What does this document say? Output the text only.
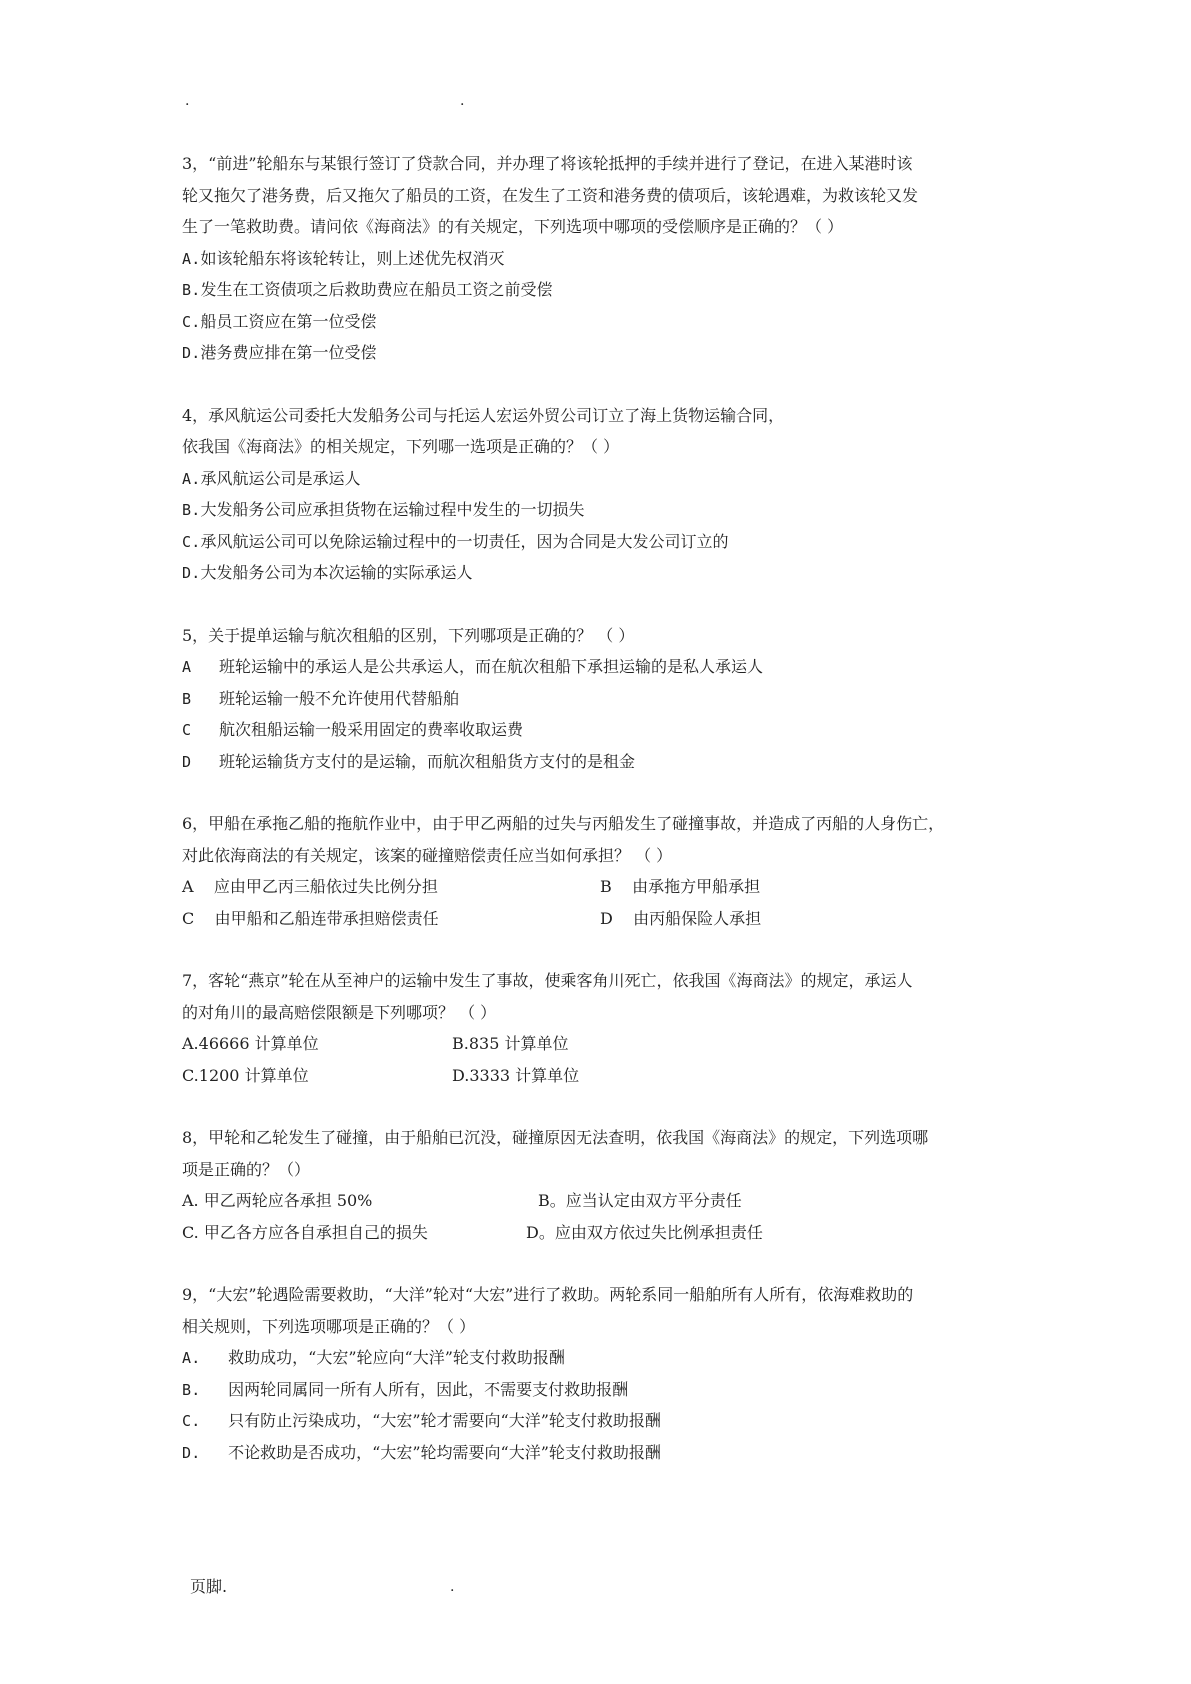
.	.
3，“前进”轮船东与某银行签订了贷款合同，并办理了将该轮抵押的手续并进行了登记，在进入某港时该
轮又拖欠了港务费，后又拖欠了船员的工资，在发生了工资和港务费的债项后，该轮遇难，为救该轮又发
生了一笔救助费。请问依《海商法》的有关规定，下列选项中哪项的受偿顺序是正确的？（ ）
A.如该轮船东将该轮转让，则上述优先权消灭
B.发生在工资债项之后救助费应在船员工资之前受偿
C.船员工资应在第一位受偿
D.港务费应排在第一位受偿
4，承风航运公司委托大发船务公司与托运人宏运外贸公司订立了海上货物运输合同，
依我国《海商法》的相关规定，下列哪一选项是正确的？（ ）
A.承风航运公司是承运人
B.大发船务公司应承担货物在运输过程中发生的一切损失
C.承风航运公司可以免除运输过程中的一切责任，因为合同是大发公司订立的
D.大发船务公司为本次运输的实际承运人
5，关于提单运输与航次租船的区别，下列哪项是正确的？ （ ）
A   班轮运输中的承运人是公共承运人，而在航次租船下承担运输的是私人承运人
B   班轮运输一般不允许使用代替船舶
C   航次租船运输一般采用固定的费率收取运费
D   班轮运输货方支付的是运输，而航次租船货方支付的是租金
6，甲船在承拖乙船的拖航作业中，由于甲乙两船的过失与丙船发生了碰撞事故，并造成了丙船的人身伤亡，
对此依海商法的有关规定，该案的碰撞赔偿责任应当如何承担？ （ ）
A    应由甲乙丙三船依过失比例分担	B    由承拖方甲船承担
C    由甲船和乙船连带承担赔偿责任	D    由丙船保险人承担
7，客轮“燕京”轮在从至神户的运输中发生了事故，使乘客角川死亡，依我国《海商法》的规定，承运人
的对角川的最高赔偿限额是下列哪项？ （ ）
A.46666 计算单位	B.835 计算单位
C.1200 计算单位	D.3333 计算单位
8，甲轮和乙轮发生了碰撞，由于船舶已沉没，碰撞原因无法查明，依我国《海商法》的规定，下列选项哪
项是正确的？（）
A. 甲乙两轮应各承担 50%	B。应当认定由双方平分责任
C. 甲乙各方应各自承担自己的损失	D。应由双方依过失比例承担责任
9，“大宏”轮遇险需要救助，“大洋”轮对“大宏”进行了救助。两轮系同一船舶所有人所有，依海难救助的
相关规则，下列选项哪项是正确的？（ ）
A.   救助成功，“大宏”轮应向“大洋”轮支付救助报酬
B.   因两轮同属同一所有人所有，因此，不需要支付救助报酬
C.   只有防止污染成功，“大宏”轮才需要向“大洋”轮支付救助报酬
D.   不论救助是否成功，“大宏”轮均需要向“大洋”轮支付救助报酬
页脚.	.
